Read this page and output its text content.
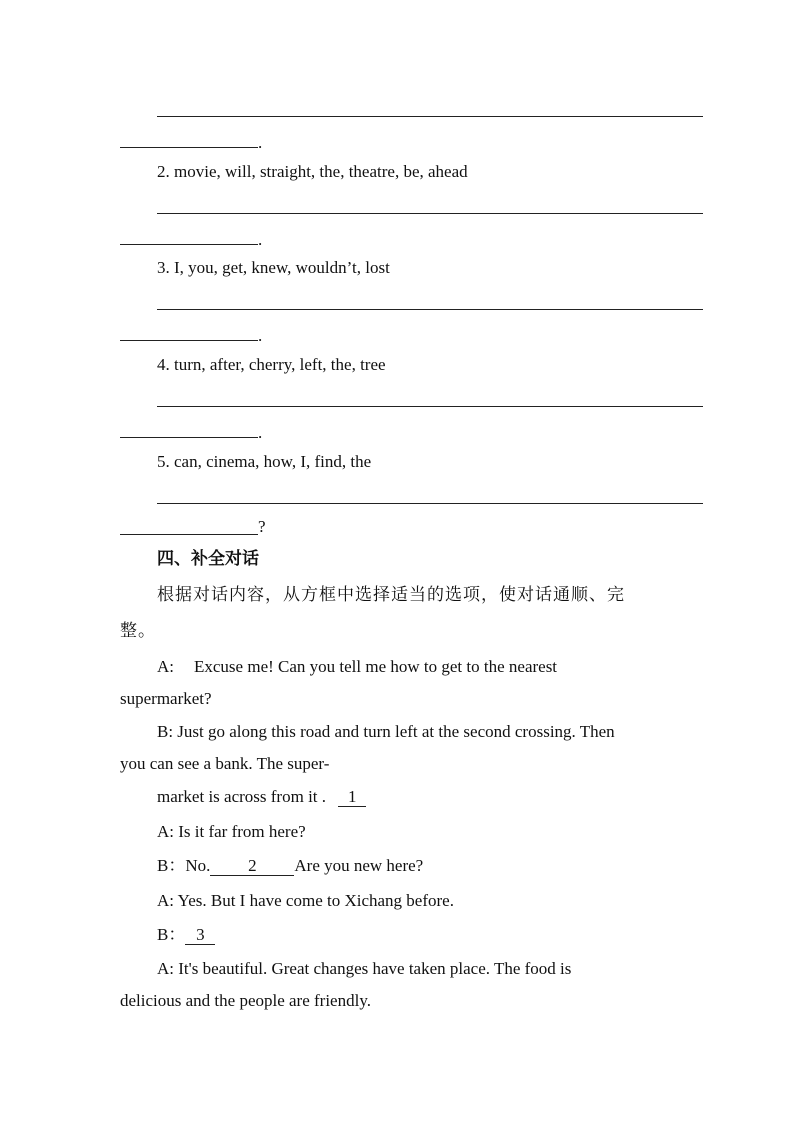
.
2. movie, will, straight, the, theatre, be, ahead
.
3. I, you, get, knew, wouldn’t, lost
.
4. turn, after, cherry, left, the, tree
.
5. can, cinema, how, I, find, the
?
四、补全对话
根据对话内容，从方框中选择适当的选项，使对话通顺、完
整。
A: Excuse me! Can you tell me how to get to the nearest
supermarket?
B: Just go along this road and turn left at the second crossing. Then
you can see a bank. The super-
market is across from it . 1
A: Is it far from here?
B：No. 2 Are you new here?
A: Yes. But I have come to Xichang before.
B： 3
A: It's beautiful. Great changes have taken place. The food is
delicious and the people are friendly.
